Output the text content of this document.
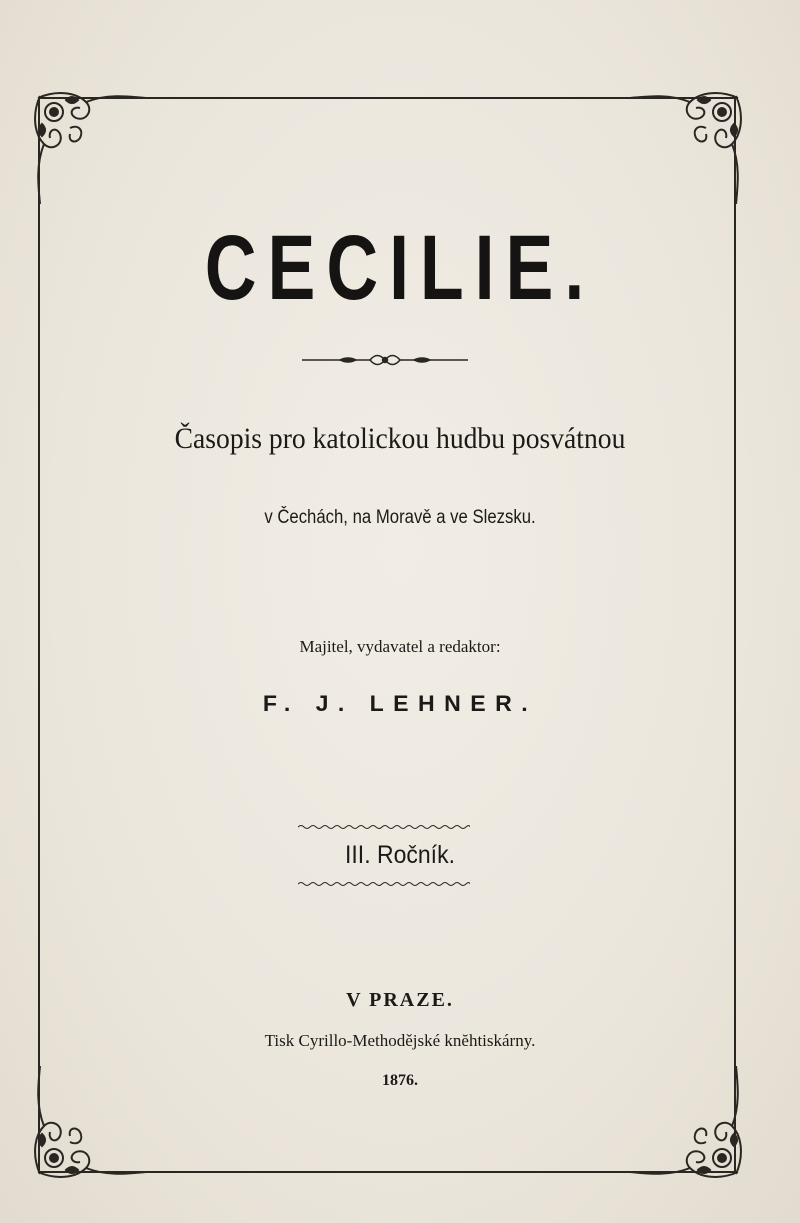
CECILIE.
Časopis pro katolickou hudbu posvátnou
v Čechách, na Moravě a ve Slezsku.
Majitel, vydavatel a redaktor:
F. J. LEHNER.
III. Ročník.
V PRAZE.
Tisk Cyrillo-Methodějské knĕhtiskárny.
1876.
